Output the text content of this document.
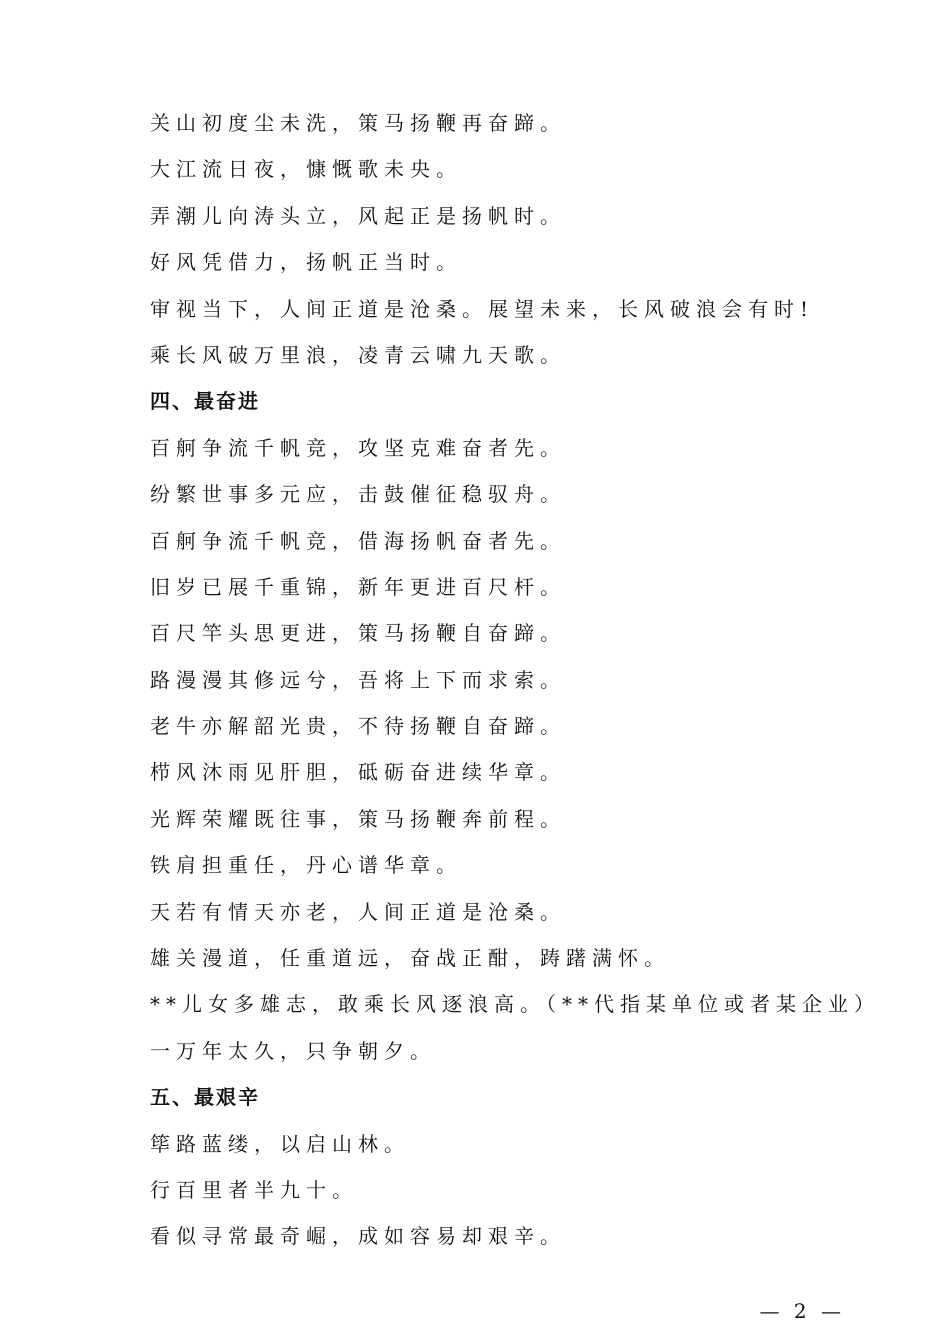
关山初度尘未洗，策马扬鞭再奋蹄。
大江流日夜，慷慨歌未央。
弄潮儿向涛头立，风起正是扬帆时。
好风凭借力，扬帆正当时。
审视当下，人间正道是沧桑。展望未来，长风破浪会有时!
乘长风破万里浪，凌青云啸九天歌。
四、最奋进
百舸争流千帆竞，攻坚克难奋者先。
纷繁世事多元应，击鼓催征稳驭舟。
百舸争流千帆竞，借海扬帆奋者先。
旧岁已展千重锦，新年更进百尺杆。
百尺竿头思更进，策马扬鞭自奋蹄。
路漫漫其修远兮，吾将上下而求索。
老牛亦解韶光贵，不待扬鞭自奋蹄。
栉风沐雨见肝胆，砥砺奋进续华章。
光辉荣耀既往事，策马扬鞭奔前程。
铁肩担重任，丹心谱华章。
天若有情天亦老，人间正道是沧桑。
雄关漫道，任重道远，奋战正酣，踌躇满怀。
**儿女多雄志，敢乘长风逐浪高。（**代指某单位或者某企业）
一万年太久，只争朝夕。
五、最艰辛
筚路蓝缕，以启山林。
行百里者半九十。
看似寻常最奇崛，成如容易却艰辛。
— 2 —
